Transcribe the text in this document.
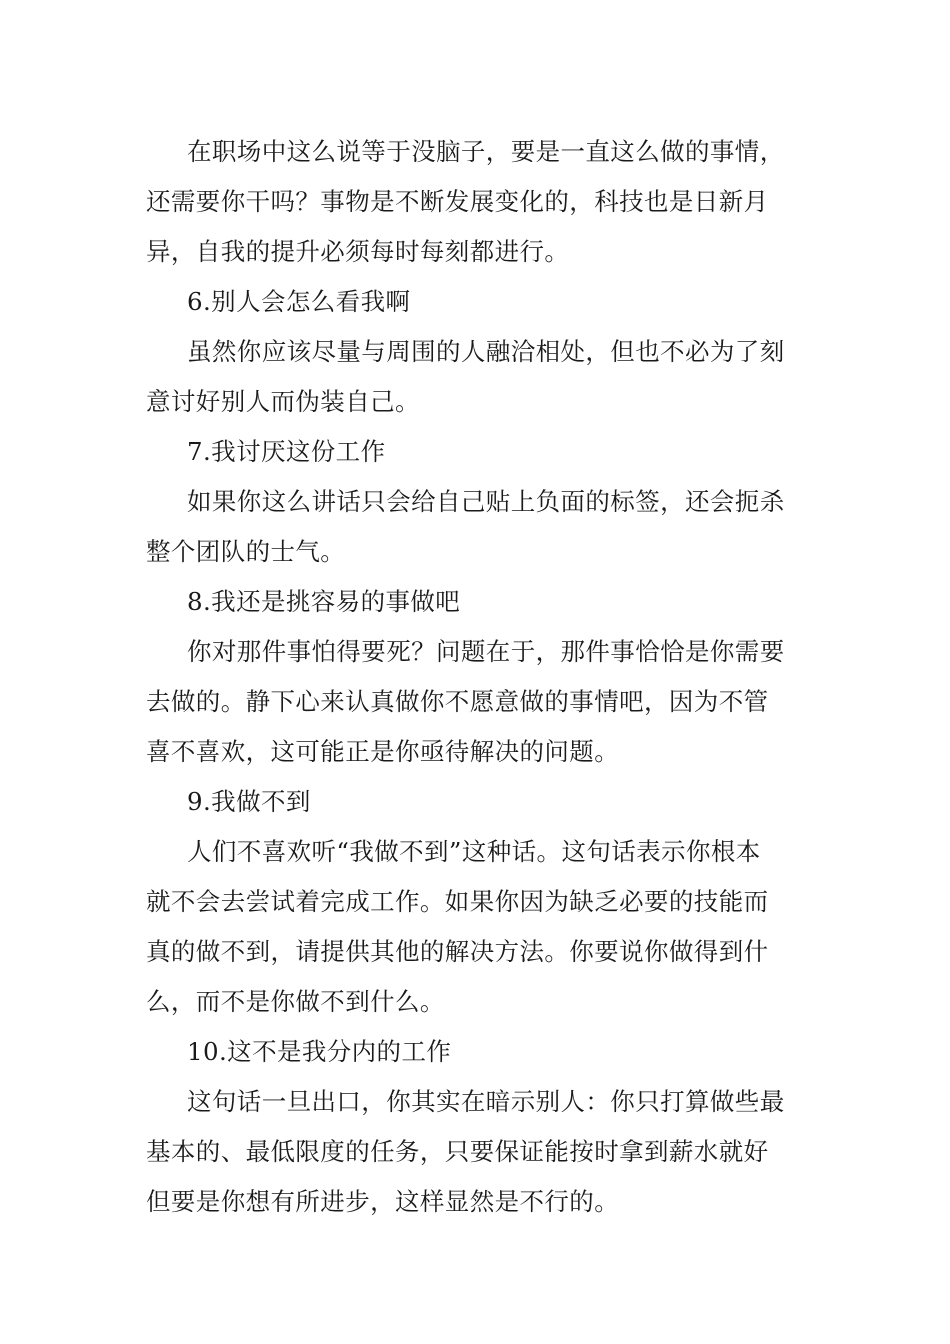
在职场中这么说等于没脑子，要是一直这么做的事情，
还需要你干吗？事物是不断发展变化的，科技也是日新月
异，自我的提升必须每时每刻都进行。
6.别人会怎么看我啊
虽然你应该尽量与周围的人融洽相处，但也不必为了刻
意讨好别人而伪装自己。
7.我讨厌这份工作
如果你这么讲话只会给自己贴上负面的标签，还会扼杀
整个团队的士气。
8.我还是挑容易的事做吧
你对那件事怕得要死？问题在于，那件事恰恰是你需要
去做的。静下心来认真做你不愿意做的事情吧，因为不管
喜不喜欢，这可能正是你亟待解决的问题。
9.我做不到
人们不喜欢听“我做不到”这种话。这句话表示你根本
就不会去尝试着完成工作。如果你因为缺乏必要的技能而
真的做不到，请提供其他的解决方法。你要说你做得到什
么，而不是你做不到什么。
10.这不是我分内的工作
这句话一旦出口，你其实在暗示别人：你只打算做些最
基本的、最低限度的任务，只要保证能按时拿到薪水就好
但要是你想有所进步，这样显然是不行的。
